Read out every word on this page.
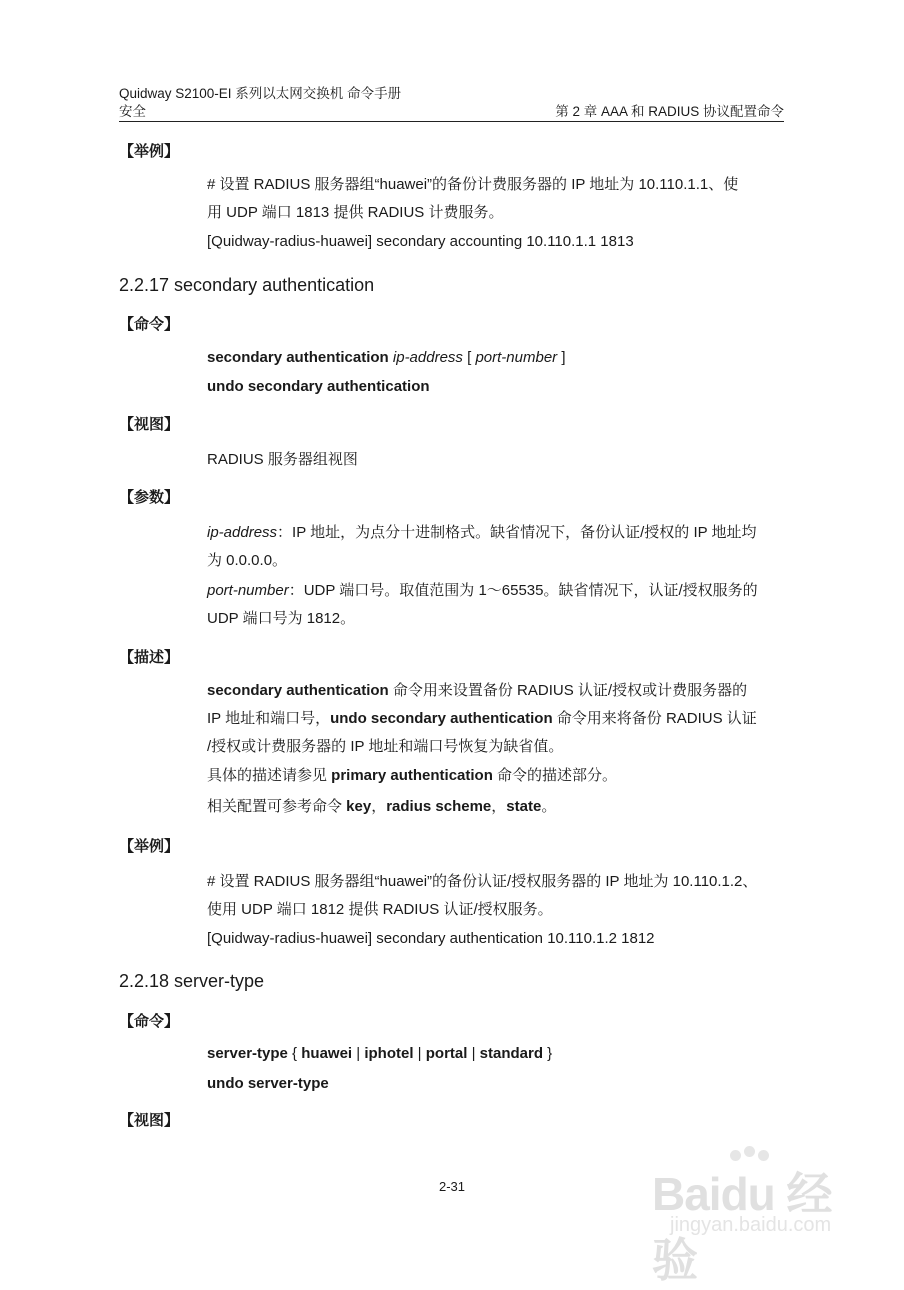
Quidway S2100-EI 系列以太网交换机 命令手册
安全	第 2 章 AAA 和 RADIUS 协议配置命令
【举例】
# 设置 RADIUS 服务器组“huawei”的备份计费服务器的 IP 地址为 10.110.1.1、使
用 UDP 端口 1813 提供 RADIUS 计费服务。
[Quidway-radius-huawei] secondary accounting 10.110.1.1 1813
2.2.17 secondary authentication
【命令】
secondary authentication ip-address [ port-number ]
undo secondary authentication
【视图】
RADIUS 服务器组视图
【参数】
ip-address：IP 地址，为点分十进制格式。缺省情况下，备份认证/授权的 IP 地址均
为 0.0.0.0。
port-number：UDP 端口号。取值范围为 1～65535。缺省情况下，认证/授权服务的
UDP 端口号为 1812。
【描述】
secondary authentication 命令用来设置备份 RADIUS 认证/授权或计费服务器的
IP 地址和端口号，undo secondary authentication 命令用来将备份 RADIUS 认证
/授权或计费服务器的 IP 地址和端口号恢复为缺省值。
具体的描述请参见 primary authentication 命令的描述部分。
相关配置可参考命令 key，radius scheme，state。
【举例】
# 设置 RADIUS 服务器组“huawei”的备份认证/授权服务器的 IP 地址为 10.110.1.2、
使用 UDP 端口 1812 提供 RADIUS 认证/授权服务。
[Quidway-radius-huawei] secondary authentication 10.110.1.2 1812
2.2.18 server-type
【命令】
server-type { huawei | iphotel | portal | standard }
undo server-type
【视图】
2-31	Baidu 经验
jingyan.baidu.com
